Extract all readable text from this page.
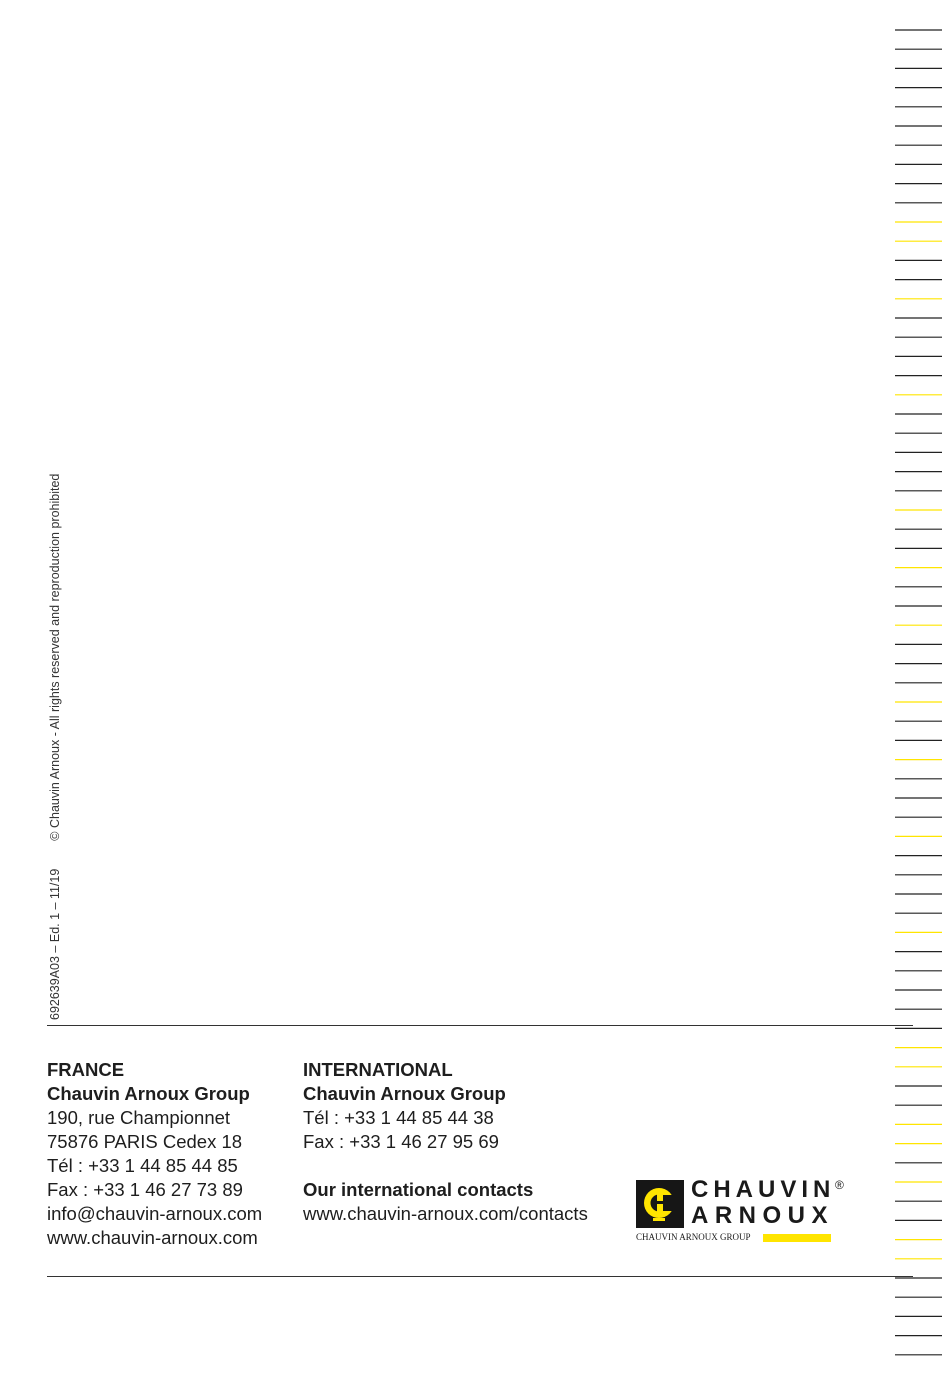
692639A03 – Ed. 1 – 11/19© Chauvin Arnoux - All rights reserved and reproduction prohibited
FRANCE
Chauvin Arnoux Group
190, rue Championnet
75876 PARIS Cedex 18
Tél : +33 1 44 85 44 85
Fax : +33 1 46 27 73 89
info@chauvin-arnoux.com
www.chauvin-arnoux.com
INTERNATIONAL
Chauvin Arnoux Group
Tél : +33 1 44 85 44 38
Fax : +33 1 46 27 95 69
Our international contacts
www.chauvin-arnoux.com/contacts
CHAUVIN ®
ARNOUX
CHAUVIN ARNOUX GROUP
